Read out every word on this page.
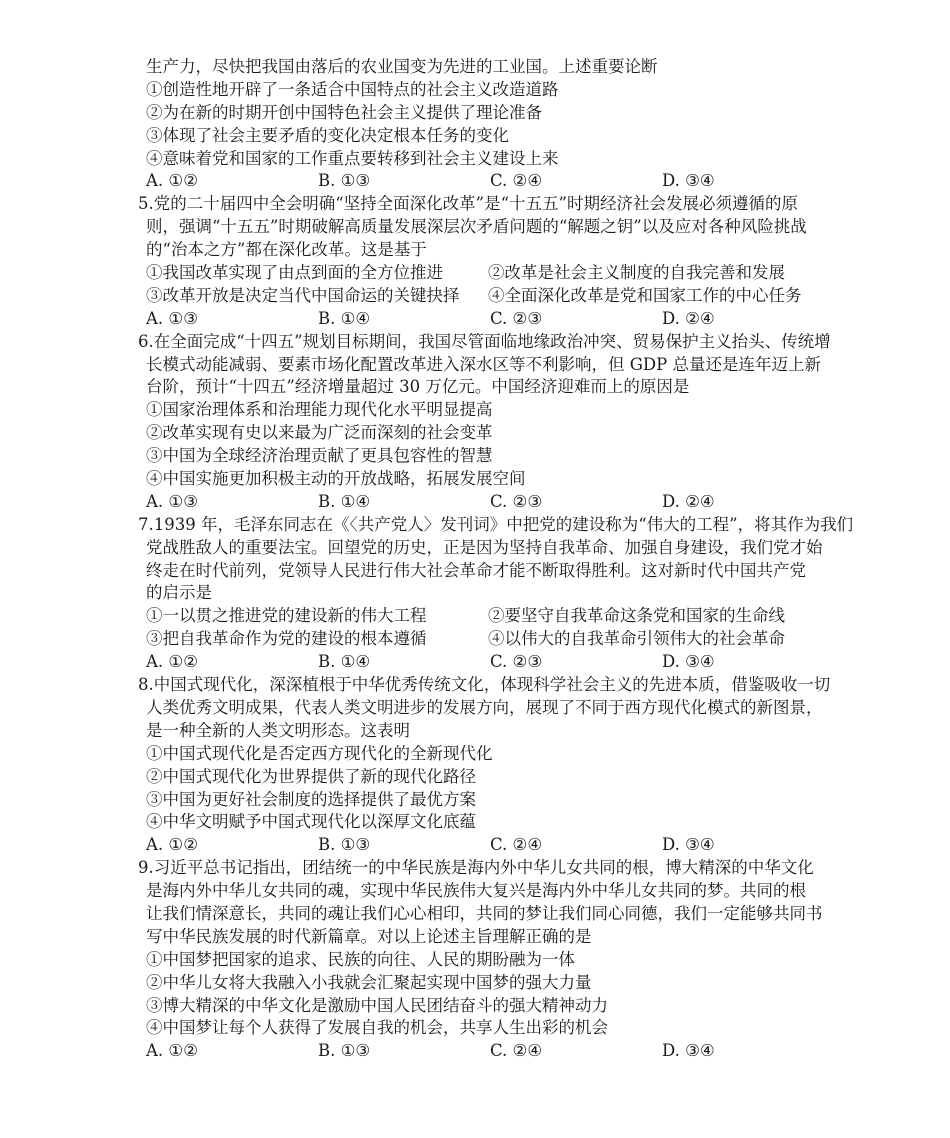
生产力，尽快把我国由落后的农业国变为先进的工业国。上述重要论断
①创造性地开辟了一条适合中国特点的社会主义改造道路
②为在新的时期开创中国特色社会主义提供了理论准备
③体现了社会主要矛盾的变化决定根本任务的变化
④意味着党和国家的工作重点要转移到社会主义建设上来
A. ①②	B. ①③	C. ②④	D. ③④
5.党的二十届四中全会明确“坚持全面深化改革”是“十五五”时期经济社会发展必须遵循的原
则，强调“十五五”时期破解高质量发展深层次矛盾问题的“解题之钥”以及应对各种风险挑战
的“治本之方”都在深化改革。这是基于
①我国改革实现了由点到面的全方位推进	②改革是社会主义制度的自我完善和发展
③改革开放是决定当代中国命运的关键抉择	④全面深化改革是党和国家工作的中心任务
A. ①③	B. ①④	C. ②③	D. ②④
6.在全面完成“十四五”规划目标期间，我国尽管面临地缘政治冲突、贸易保护主义抬头、传统增
长模式动能减弱、要素市场化配置改革进入深水区等不利影响，但 GDP 总量还是连年迈上新
台阶，预计“十四五”经济增量超过 30 万亿元。中国经济迎难而上的原因是
①国家治理体系和治理能力现代化水平明显提高
②改革实现有史以来最为广泛而深刻的社会变革
③中国为全球经济治理贡献了更具包容性的智慧
④中国实施更加积极主动的开放战略，拓展发展空间
A. ①③	B. ①④	C. ②③	D. ②④
7.1939 年，毛泽东同志在《〈共产党人〉发刊词》中把党的建设称为“伟大的工程”，将其作为我们
党战胜敌人的重要法宝。回望党的历史，正是因为坚持自我革命、加强自身建设，我们党才始
终走在时代前列，党领导人民进行伟大社会革命才能不断取得胜利。这对新时代中国共产党
的启示是
①一以贯之推进党的建设新的伟大工程	②要坚守自我革命这条党和国家的生命线
③把自我革命作为党的建设的根本遵循	④以伟大的自我革命引领伟大的社会革命
A. ①②	B. ①④	C. ②③	D. ③④
8.中国式现代化，深深植根于中华优秀传统文化，体现科学社会主义的先进本质，借鉴吸收一切
人类优秀文明成果，代表人类文明进步的发展方向，展现了不同于西方现代化模式的新图景，
是一种全新的人类文明形态。这表明
①中国式现代化是否定西方现代化的全新现代化
②中国式现代化为世界提供了新的现代化路径
③中国为更好社会制度的选择提供了最优方案
④中华文明赋予中国式现代化以深厚文化底蕴
A. ①②	B. ①③	C. ②④	D. ③④
9.习近平总书记指出，团结统一的中华民族是海内外中华儿女共同的根，博大精深的中华文化
是海内外中华儿女共同的魂，实现中华民族伟大复兴是海内外中华儿女共同的梦。共同的根
让我们情深意长，共同的魂让我们心心相印，共同的梦让我们同心同德，我们一定能够共同书
写中华民族发展的时代新篇章。对以上论述主旨理解正确的是
①中国梦把国家的追求、民族的向往、人民的期盼融为一体
②中华儿女将大我融入小我就会汇聚起实现中国梦的强大力量
③博大精深的中华文化是激励中国人民团结奋斗的强大精神动力
④中国梦让每个人获得了发展自我的机会，共享人生出彩的机会
A. ①②	B. ①③	C. ②④	D. ③④
